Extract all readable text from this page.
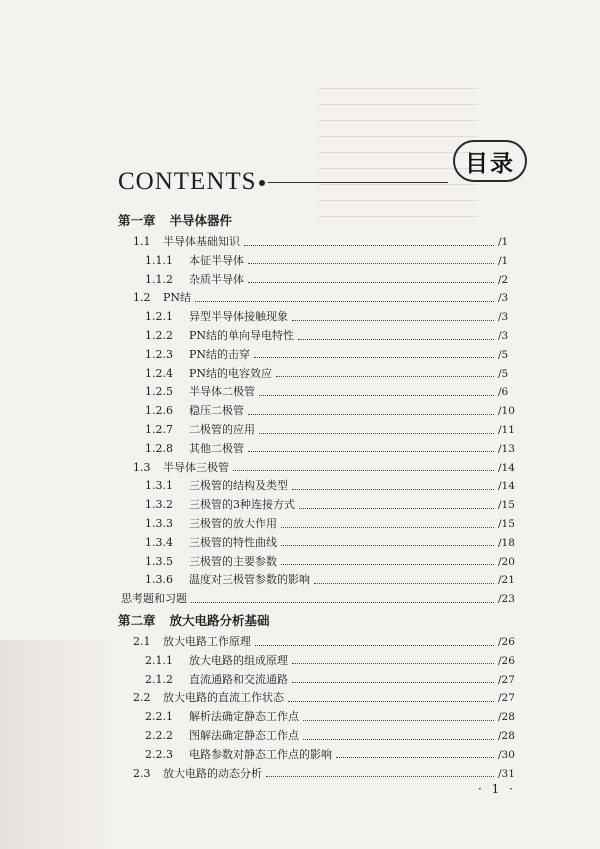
CONTENTS
目录
第一章 半导体器件
1.1	半导体基础知识	/1
1.1.1	本征半导体	/1
1.1.2	杂质半导体	/2
1.2	PN结	/3
1.2.1	异型半导体接触现象	/3
1.2.2	PN结的单向导电特性	/3
1.2.3	PN结的击穿	/5
1.2.4	PN结的电容效应	/5
1.2.5	半导体二极管	/6
1.2.6	稳压二极管	/10
1.2.7	二极管的应用	/11
1.2.8	其他二极管	/13
1.3	半导体三极管	/14
1.3.1	三极管的结构及类型	/14
1.3.2	三极管的3种连接方式	/15
1.3.3	三极管的放大作用	/15
1.3.4	三极管的特性曲线	/18
1.3.5	三极管的主要参数	/20
1.3.6	温度对三极管参数的影响	/21
思考题和习题	/23
第二章 放大电路分析基础
2.1	放大电路工作原理	/26
2.1.1	放大电路的组成原理	/26
2.1.2	直流通路和交流通路	/27
2.2	放大电路的直流工作状态	/27
2.2.1	解析法确定静态工作点	/28
2.2.2	图解法确定静态工作点	/28
2.2.3	电路参数对静态工作点的影响	/30
2.3	放大电路的动态分析	/31
· 1 ·
